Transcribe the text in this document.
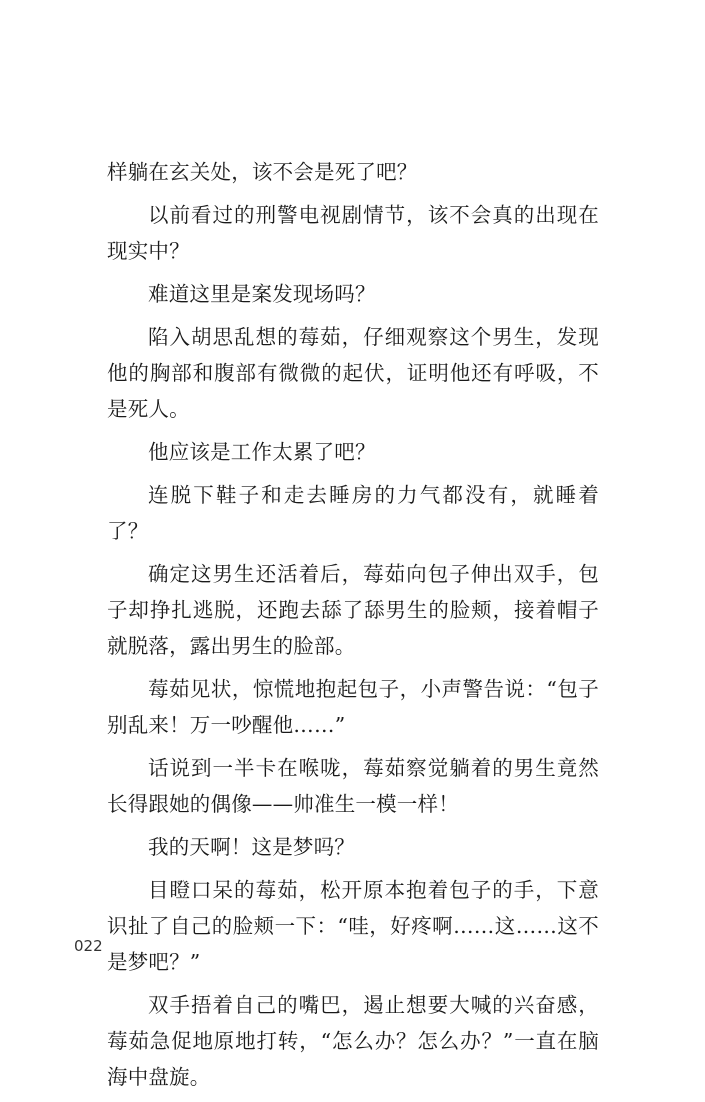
样躺在玄关处，该不会是死了吧？

以前看过的刑警电视剧情节，该不会真的出现在现实中？

难道这里是案发现场吗？

陷入胡思乱想的莓茹，仔细观察这个男生，发现他的胸部和腹部有微微的起伏，证明他还有呼吸，不是死人。

他应该是工作太累了吧？

连脱下鞋子和走去睡房的力气都没有，就睡着了？

确定这男生还活着后，莓茹向包子伸出双手，包子却挣扎逃脱，还跑去舔了舔男生的脸颊，接着帽子就脱落，露出男生的脸部。

莓茹见状，惊慌地抱起包子，小声警告说：“包子别乱来！万一吵醒他……”

话说到一半卡在喉咙，莓茹察觉躺着的男生竟然长得跟她的偶像——帅准生一模一样！

我的天啊！这是梦吗？

目瞪口呆的莓茹，松开原本抱着包子的手，下意识扯了自己的脸颊一下：“哇，好疼啊……这……这不是梦吧？”

双手捂着自己的嘴巴，遏止想要大喊的兴奋感，莓茹急促地原地打转，“怎么办？怎么办？”一直在脑海中盘旋。

022
